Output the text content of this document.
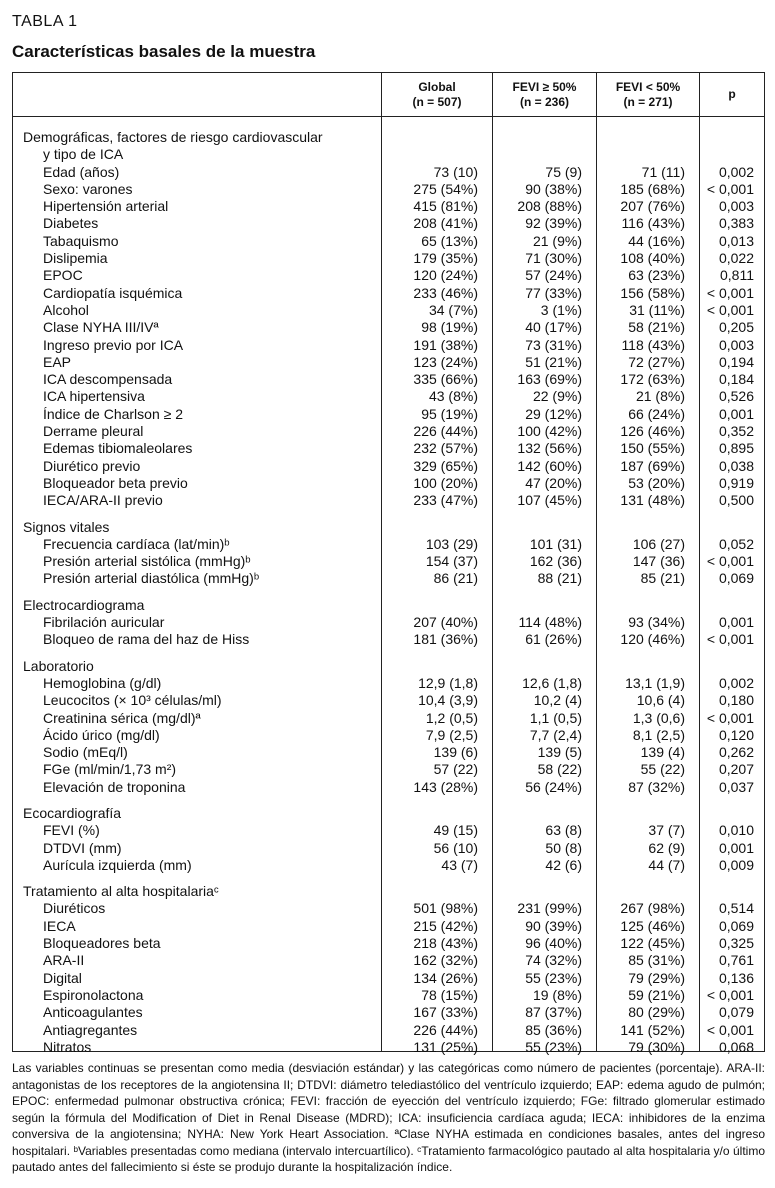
TABLA 1
Características basales de la muestra
Global
(n = 507)
FEVI ≥ 50%
(n = 236)
FEVI < 50%
(n = 271)
p
Demográficas, factores de riesgo cardiovascular
y tipo de ICA
Edad (años)
Sexo: varones
Hipertensión arterial
Diabetes
Tabaquismo
Dislipemia
EPOC
Cardiopatía isquémica
Alcohol
Clase NYHA III/IVª
Ingreso previo por ICA
EAP
ICA descompensada
ICA hipertensiva
Índice de Charlson ≥ 2
Derrame pleural
Edemas tibiomaleolares
Diurético previo
Bloqueador beta previo
IECA/ARA-II previo
Signos vitales
Frecuencia cardíaca (lat/min)ᵇ
Presión arterial sistólica (mmHg)ᵇ
Presión arterial diastólica (mmHg)ᵇ
Electrocardiograma
Fibrilación auricular
Bloqueo de rama del haz de Hiss
Laboratorio
Hemoglobina (g/dl)
Leucocitos (× 10³ células/ml)
Creatinina sérica (mg/dl)ª
Ácido úrico (mg/dl)
Sodio (mEq/l)
FGe (ml/min/1,73 m²)
Elevación de troponina
Ecocardiografía
FEVI (%)
DTDVI (mm)
Aurícula izquierda (mm)
Tratamiento al alta hospitalariaᶜ
Diuréticos
IECA
Bloqueadores beta
ARA-II
Digital
Espironolactona
Anticoagulantes
Antiagregantes
Nitratos
73 (10)
275 (54%)
415 (81%)
208 (41%)
65 (13%)
179 (35%)
120 (24%)
233 (46%)
34 (7%)
98 (19%)
191 (38%)
123 (24%)
335 (66%)
43 (8%)
95 (19%)
226 (44%)
232 (57%)
329 (65%)
100 (20%)
233 (47%)
103 (29)
154 (37)
86 (21)
207 (40%)
181 (36%)
12,9 (1,8)
10,4 (3,9)
1,2 (0,5)
7,9 (2,5)
139 (6)
57 (22)
143 (28%)
49 (15)
56 (10)
43 (7)
501 (98%)
215 (42%)
218 (43%)
162 (32%)
134 (26%)
78 (15%)
167 (33%)
226 (44%)
131 (25%)
75 (9)
90 (38%)
208 (88%)
92 (39%)
21 (9%)
71 (30%)
57 (24%)
77 (33%)
3 (1%)
40 (17%)
73 (31%)
51 (21%)
163 (69%)
22 (9%)
29 (12%)
100 (42%)
132 (56%)
142 (60%)
47 (20%)
107 (45%)
101 (31)
162 (36)
88 (21)
114 (48%)
61 (26%)
12,6 (1,8)
10,2 (4)
1,1 (0,5)
7,7 (2,4)
139 (5)
58 (22)
56 (24%)
63 (8)
50 (8)
42 (6)
231 (99%)
90 (39%)
96 (40%)
74 (32%)
55 (23%)
19 (8%)
87 (37%)
85 (36%)
55 (23%)
71 (11)
185 (68%)
207 (76%)
116 (43%)
44 (16%)
108 (40%)
63 (23%)
156 (58%)
31 (11%)
58 (21%)
118 (43%)
72 (27%)
172 (63%)
21 (8%)
66 (24%)
126 (46%)
150 (55%)
187 (69%)
53 (20%)
131 (48%)
106 (27)
147 (36)
85 (21)
93 (34%)
120 (46%)
13,1 (1,9)
10,6 (4)
1,3 (0,6)
8,1 (2,5)
139 (4)
55 (22)
87 (32%)
37 (7)
62 (9)
44 (7)
267 (98%)
125 (46%)
122 (45%)
85 (31%)
79 (29%)
59 (21%)
80 (29%)
141 (52%)
79 (30%)
0,002
< 0,001
0,003
0,383
0,013
0,022
0,811
< 0,001
< 0,001
0,205
0,003
0,194
0,184
0,526
0,001
0,352
0,895
0,038
0,919
0,500
0,052
< 0,001
0,069
0,001
< 0,001
0,002
0,180
< 0,001
0,120
0,262
0,207
0,037
0,010
0,001
0,009
0,514
0,069
0,325
0,761
0,136
< 0,001
0,079
< 0,001
0,068
Las variables continuas se presentan como media (desviación estándar) y las categóricas como número de pacientes (porcentaje). ARA-II: antagonistas de los receptores de la angiotensina II; DTDVI: diámetro telediastólico del ventrículo izquierdo; EAP: edema agudo de pulmón; EPOC: enfermedad pulmonar obstructiva crónica; FEVI: fracción de eyección del ventrículo izquierdo; FGe: filtrado glomerular estimado según la fórmula del Modification of Diet in Renal Disease (MDRD); ICA: insuficiencia cardíaca aguda; IECA: inhibidores de la enzima conversiva de la angiotensina; NYHA: New York Heart Association. ªClase NYHA estimada en condiciones basales, antes del ingreso hospitalari. ᵇVariables presentadas como mediana (intervalo intercuartílico). ᶜTratamiento farmacológico pautado al alta hospitalaria y/o último pautado antes del fallecimiento si éste se produjo durante la hospitalización índice.
